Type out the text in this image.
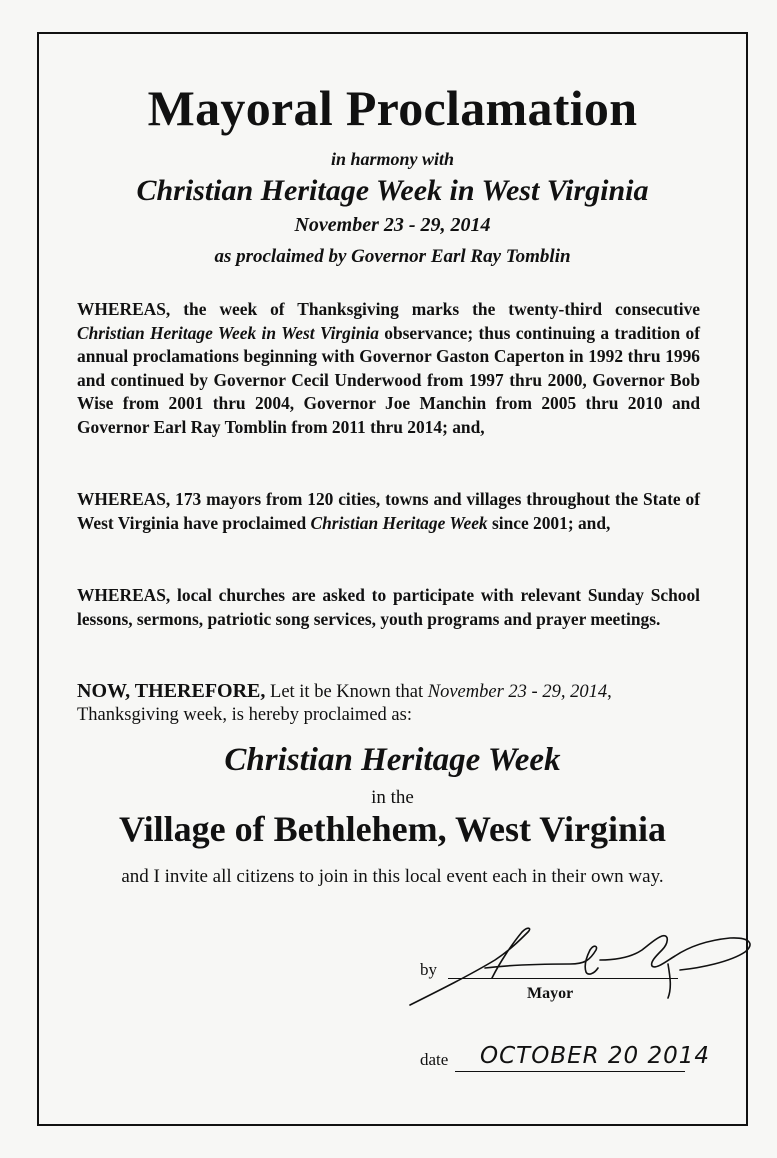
Mayoral Proclamation
in harmony with
Christian Heritage Week in West Virginia
November 23 - 29, 2014
as proclaimed by Governor Earl Ray Tomblin
WHEREAS, the week of Thanksgiving marks the twenty-third consecutive Christian Heritage Week in West Virginia observance; thus continuing a tradition of annual proclamations beginning with Governor Gaston Caperton in 1992 thru 1996 and continued by Governor Cecil Underwood from 1997 thru 2000, Governor Bob Wise from 2001 thru 2004, Governor Joe Manchin from 2005 thru 2010 and Governor Earl Ray Tomblin from 2011 thru 2014; and,
WHEREAS, 173 mayors from 120 cities, towns and villages throughout the State of West Virginia have proclaimed Christian Heritage Week since 2001; and,
WHEREAS, local churches are asked to participate with relevant Sunday School lessons, sermons, patriotic song services, youth programs and prayer meetings.
NOW, THEREFORE, Let it be Known that November 23 - 29, 2014, Thanksgiving week, is hereby proclaimed as:
Christian Heritage Week
in the
Village of Bethlehem, West Virginia
and I invite all citizens to join in this local event each in their own way.
by
Mayor
date OCTOBER 20 2014
